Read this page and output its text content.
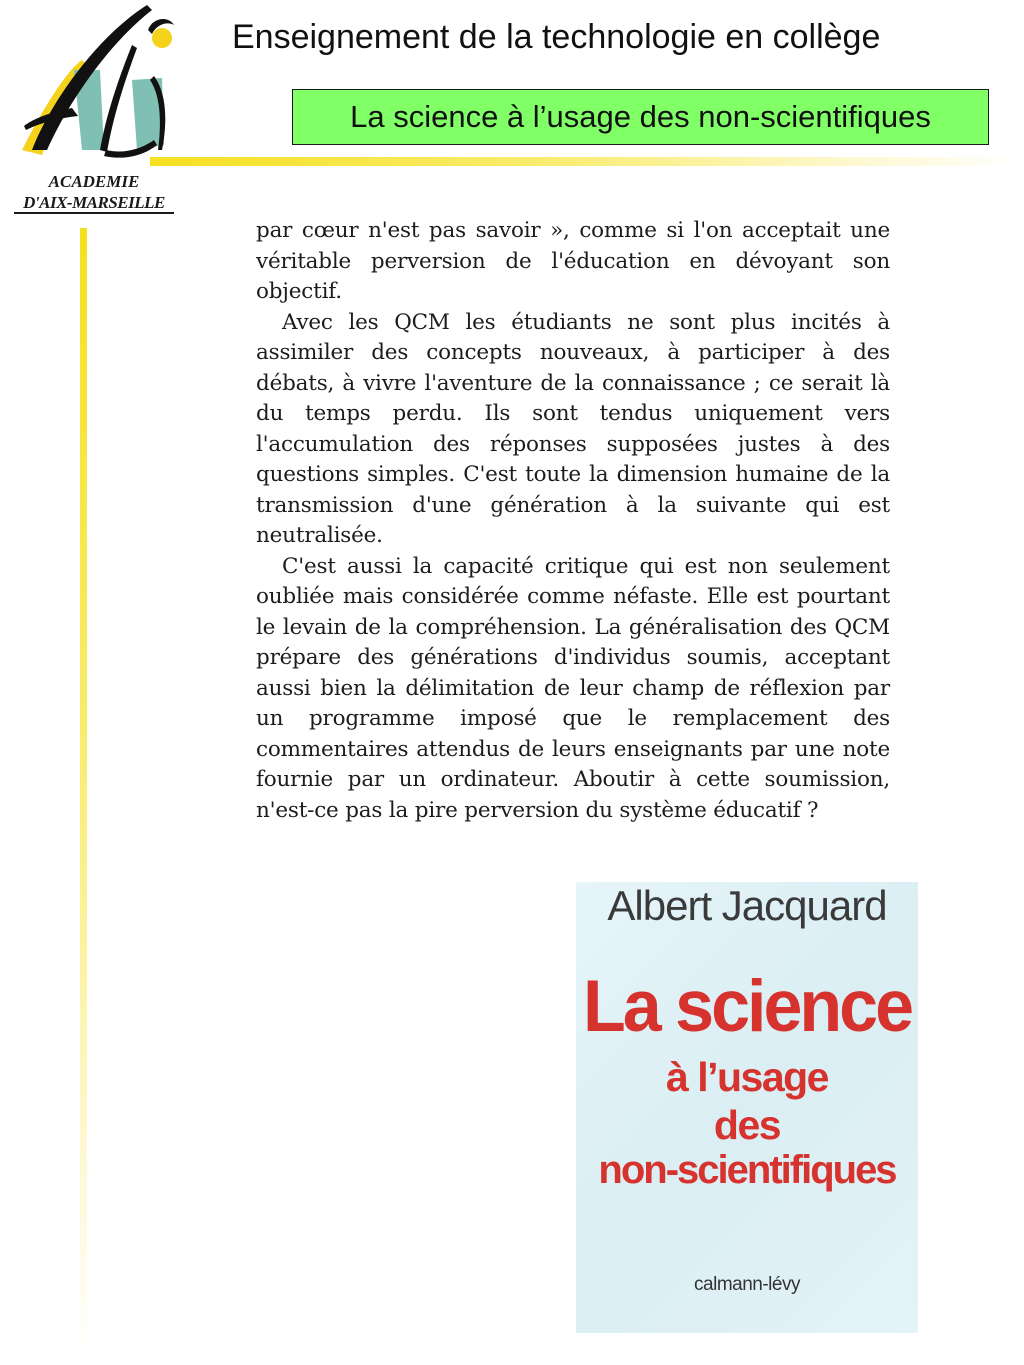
ACADEMIE
D'AIX-MARSEILLE
Enseignement de la technologie en collège
La science à l’usage des non-scientifiques

par cœur n'est pas savoir », comme si l'on acceptait une véritable perversion de l'éducation en dévoyant son objectif.

Avec les QCM les étudiants ne sont plus incités à assimiler des concepts nouveaux, à participer à des débats, à vivre l'aventure de la connaissance ; ce serait là du temps perdu. Ils sont tendus uniquement vers l'accumulation des réponses supposées justes à des questions simples. C'est toute la dimension humaine de la transmission d'une génération à la suivante qui est neutralisée.

C'est aussi la capacité critique qui est non seulement oubliée mais considérée comme néfaste. Elle est pourtant le levain de la compréhension. La généralisation des QCM prépare des générations d'individus soumis, acceptant aussi bien la délimitation de leur champ de réflexion par un programme imposé que le remplacement des commentaires attendus de leurs enseignants par une note fournie par un ordinateur. Aboutir à cette soumission, n'est-ce pas la pire perversion du système éducatif ?

Albert Jacquard
La science
à l’usage
des
non-scientifiques
calmann-lévy
